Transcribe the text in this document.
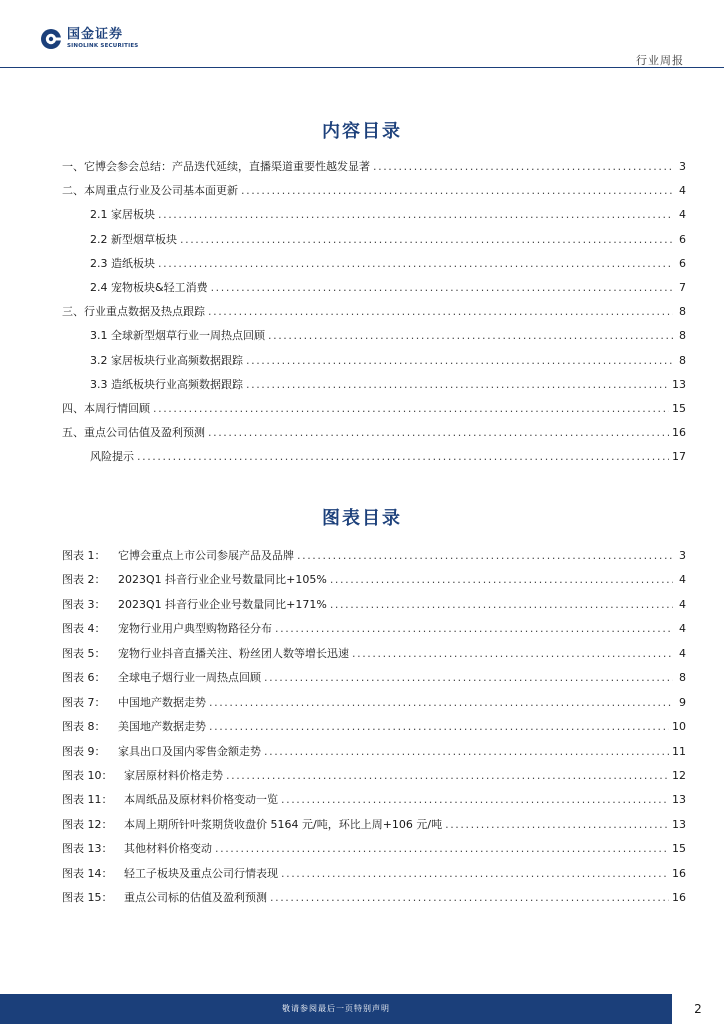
国金证券
SINOLINK SECURITIES
行业周报
内容目录
一、它博会参会总结：产品迭代延续，直播渠道重要性越发显著 .....	3
二、本周重点行业及公司基本面更新 .....	4
2.1 家居板块 .....	4
2.2 新型烟草板块 .....	6
2.3 造纸板块 .....	6
2.4 宠物板块&轻工消费 .....	7
三、行业重点数据及热点跟踪 .....	8
3.1 全球新型烟草行业一周热点回顾 .....	8
3.2 家居板块行业高频数据跟踪 .....	8
3.3 造纸板块行业高频数据跟踪 .....	13
四、本周行情回顾 .....	15
五、重点公司估值及盈利预测 .....	16
风险提示 .....	17
图表目录
图表 1：	它博会重点上市公司参展产品及品牌 .....	3
图表 2：	2023Q1 抖音行业企业号数量同比+105% .....	4
图表 3：	2023Q1 抖音行业企业号数量同比+171% .....	4
图表 4：	宠物行业用户典型购物路径分布 .....	4
图表 5：	宠物行业抖音直播关注、粉丝团人数等增长迅速 .....	4
图表 6：	全球电子烟行业一周热点回顾 .....	8
图表 7：	中国地产数据走势 .....	9
图表 8：	美国地产数据走势 .....	10
图表 9：	家具出口及国内零售金额走势 .....	11
图表 10：	家居原材料价格走势 .....	12
图表 11：	本周纸品及原材料价格变动一览 .....	13
图表 12：	本周上期所针叶浆期货收盘价 5164 元/吨，环比上周+106 元/吨 .....	13
图表 13：	其他材料价格变动 .....	15
图表 14：	轻工子板块及重点公司行情表现 .....	16
图表 15：	重点公司标的估值及盈利预测 .....	16
敬请参阅最后一页特别声明	2
